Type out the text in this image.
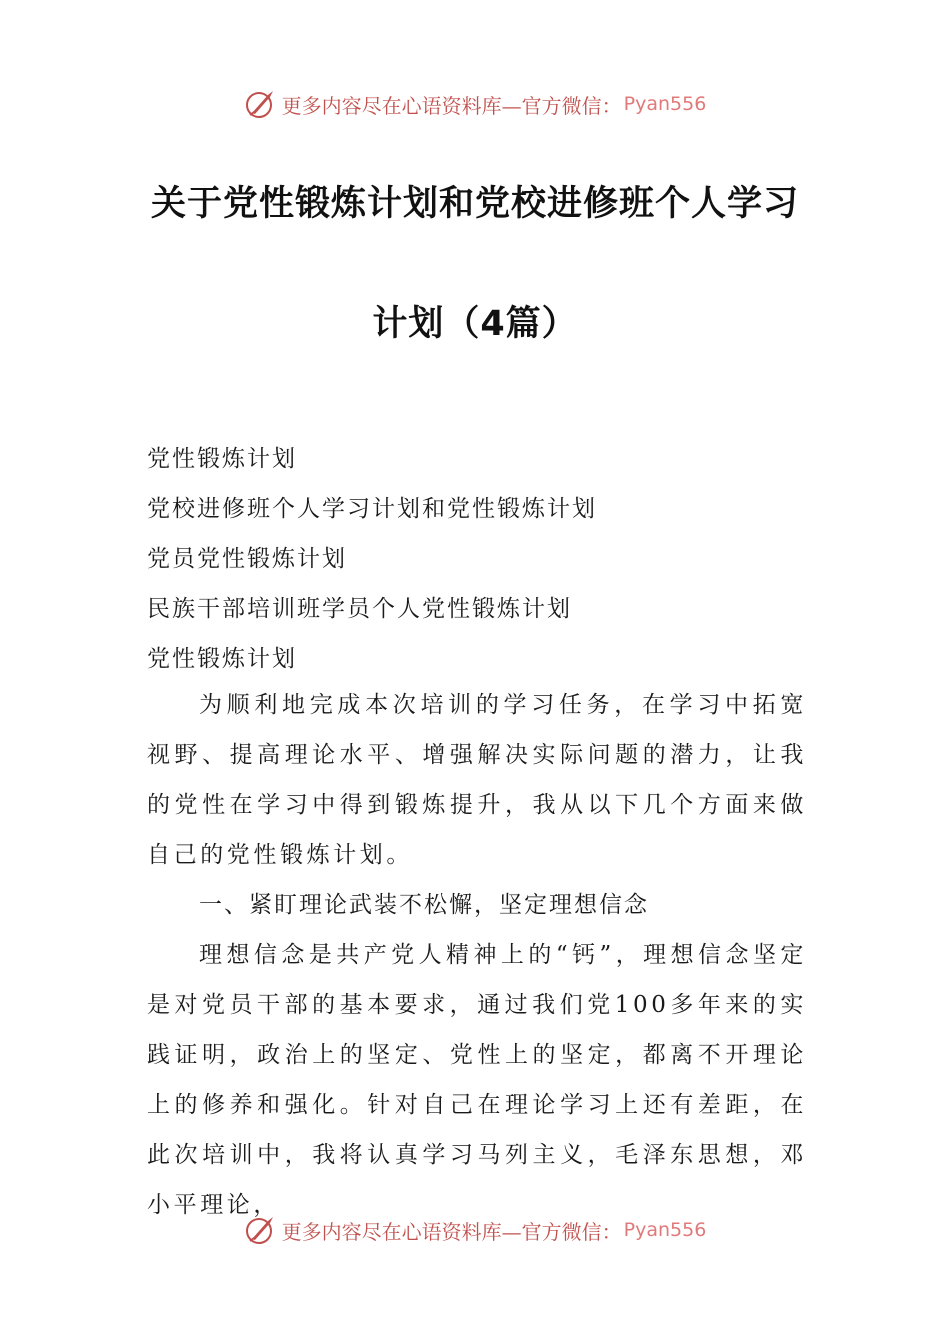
更多内容尽在心语资料库—官方微信： Pyan556
关于党性锻炼计划和党校进修班个人学习
计划（4篇）
党性锻炼计划
党校进修班个人学习计划和党性锻炼计划
党员党性锻炼计划
民族干部培训班学员个人党性锻炼计划
党性锻炼计划

为顺利地完成本次培训的学习任务，在学习中拓宽视野、提高理论水平、增强解决实际问题的潜力，让我的党性在学习中得到锻炼提升，我从以下几个方面来做自己的党性锻炼计划。

一、紧盯理论武装不松懈，坚定理想信念

理想信念是共产党人精神上的“钙”，理想信念坚定是对党员干部的基本要求，通过我们党100多年来的实践证明，政治上的坚定、党性上的坚定，都离不开理论上的修养和强化。针对自己在理论学习上还有差距，在此次培训中，我将认真学习马列主义，毛泽东思想，邓小平理论，

更多内容尽在心语资料库—官方微信： Pyan556
